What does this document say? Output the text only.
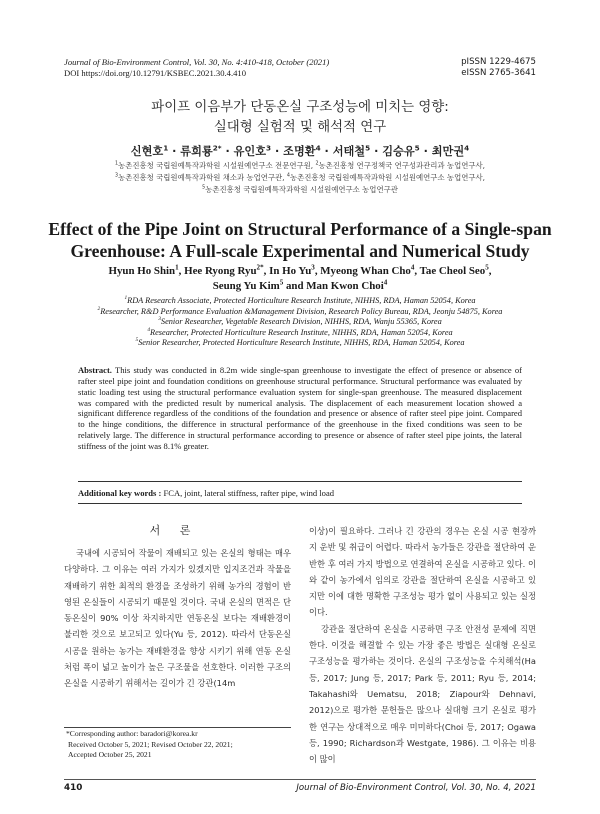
Journal of Bio-Environment Control, Vol. 30, No. 4:410-418, October (2021)
DOI https://doi.org/10.12791/KSBEC.2021.30.4.410
pISSN 1229-4675
eISSN 2765-3641
파이프 이음부가 단동온실 구조성능에 미치는 영향:
실대형 실험적 및 해석적 연구
신현호$^1$ · 류희룡$^{2*}$ · 유인호$^3$ · 조명환$^4$ · 서태철$^5$ · 김승유$^5$ · 최만권$^4$
$^1$농촌진흥청 국립원예특작과학원 시설원예연구소 전문연구원, $^2$농촌진흥청 연구정책국 연구성과관리과 농업연구사,
$^3$농촌진흥청 국립원예특작과학원 채소과 농업연구관, $^4$농촌진흥청 국립원예특작과학원 시설원예연구소 농업연구사,
$^5$농촌진흥청 국립원예특작과학원 시설원예연구소 농업연구관
Effect of the Pipe Joint on Structural Performance of a Single-span
Greenhouse: A Full-scale Experimental and Numerical Study
Hyun Ho Shin$^1$, Hee Ryong Ryu$^{2*}$, In Ho Yu$^3$, Myeong Whan Cho$^4$, Tae Cheol Seo$^5$,
Seung Yu Kim$^5$ and Man Kwon Choi$^4$
$^1$RDA Research Associate, Protected Horticulture Research Institute, NIHHS, RDA, Haman 52054, Korea
$^2$Researcher, R&D Performance Evaluation &Management Division, Research Policy Bureau, RDA, Jeonju 54875, Korea
$^3$Senior Researcher, Vegetable Research Division, NIHHS, RDA, Wanju 55365, Korea
$^4$Researcher, Protected Horticulture Research Institute, NIHHS, RDA, Haman 52054, Korea
$^5$Senior Researcher, Protected Horticulture Research Institute, NIHHS, RDA, Haman 52054, Korea
Abstract. This study was conducted in 8.2m wide single-span greenhouse to investigate the effect of presence or absence of rafter steel pipe joint and foundation conditions on greenhouse structural performance. Structural performance was evaluated by static loading test using the structural performance evaluation system for single-span greenhouse. The measured displacement was compared with the predicted result by numerical analysis. The displacement of each measurement location showed a significant difference regardless of the conditions of the foundation and presence or absence of rafter steel pipe joint. Compared to the hinge conditions, the difference in structural performance of the greenhouse in the fixed conditions was seen to be relatively large. The difference in structural performance according to presence or absence of rafter steel pipe joints, the lateral stiffness of the joint was 8.1% greater.
Additional key words : FCA, joint, lateral stiffness, rafter pipe, wind load
서 론

국내에 시공되어 작물이 재배되고 있는 온실의 형태는 매우 다양하다. 그 이유는 여러 가지가 있겠지만 입지조건과 작물을 재배하기 위한 최적의 환경을 조성하기 위해 농가의 경험이 반영된 온실들이 시공되기 때문일 것이다. 국내 온실의 면적은 단동온실이 90% 이상 차지하지만 연동온실 보다는 재배환경이 불리한 것으로 보고되고 있다(Yu 등, 2012). 따라서 단동온실 시공을 원하는 농가는 재배환경을 향상 시키기 위해 연동 온실처럼 폭이 넓고 높이가 높은 구조물을 선호한다. 이러한 구조의 온실을 시공하기 위해서는 길이가 긴 강관(14m

이상)이 필요하다. 그러나 긴 강관의 경우는 온실 시공 현장까지 운반 및 취급이 어렵다. 따라서 농가들은 강관을 절단하여 운반한 후 여러 가지 방법으로 연결하여 온실을 시공하고 있다. 이와 같이 농가에서 임의로 강관을 절단하여 온실을 시공하고 있지만 이에 대한 명확한 구조성능 평가 없이 사용되고 있는 실정이다.

강관을 절단하여 온실을 시공하면 구조 안전성 문제에 직면한다. 이것을 해결할 수 있는 가장 좋은 방법은 실대형 온실로 구조성능을 평가하는 것이다. 온실의 구조성능을 수치해석(Ha 등, 2017; Jung 등, 2017; Park 등, 2011; Ryu 등, 2014; Takahashi와 Uematsu, 2018; Ziapour와 Dehnavi, 2012)으로 평가한 문헌들은 많으나 실대형 크기 온실로 평가한 연구는 상대적으로 매우 미미하다(Choi 등, 2017; Ogawa 등, 1990; Richardson과 Westgate, 1986). 그 이유는 비용이 많이

*Corresponding author: baradori@korea.kr
Received October 5, 2021; Revised October 22, 2021;
Accepted October 25, 2021
410	Journal of Bio-Environment Control, Vol. 30, No. 4, 2021
